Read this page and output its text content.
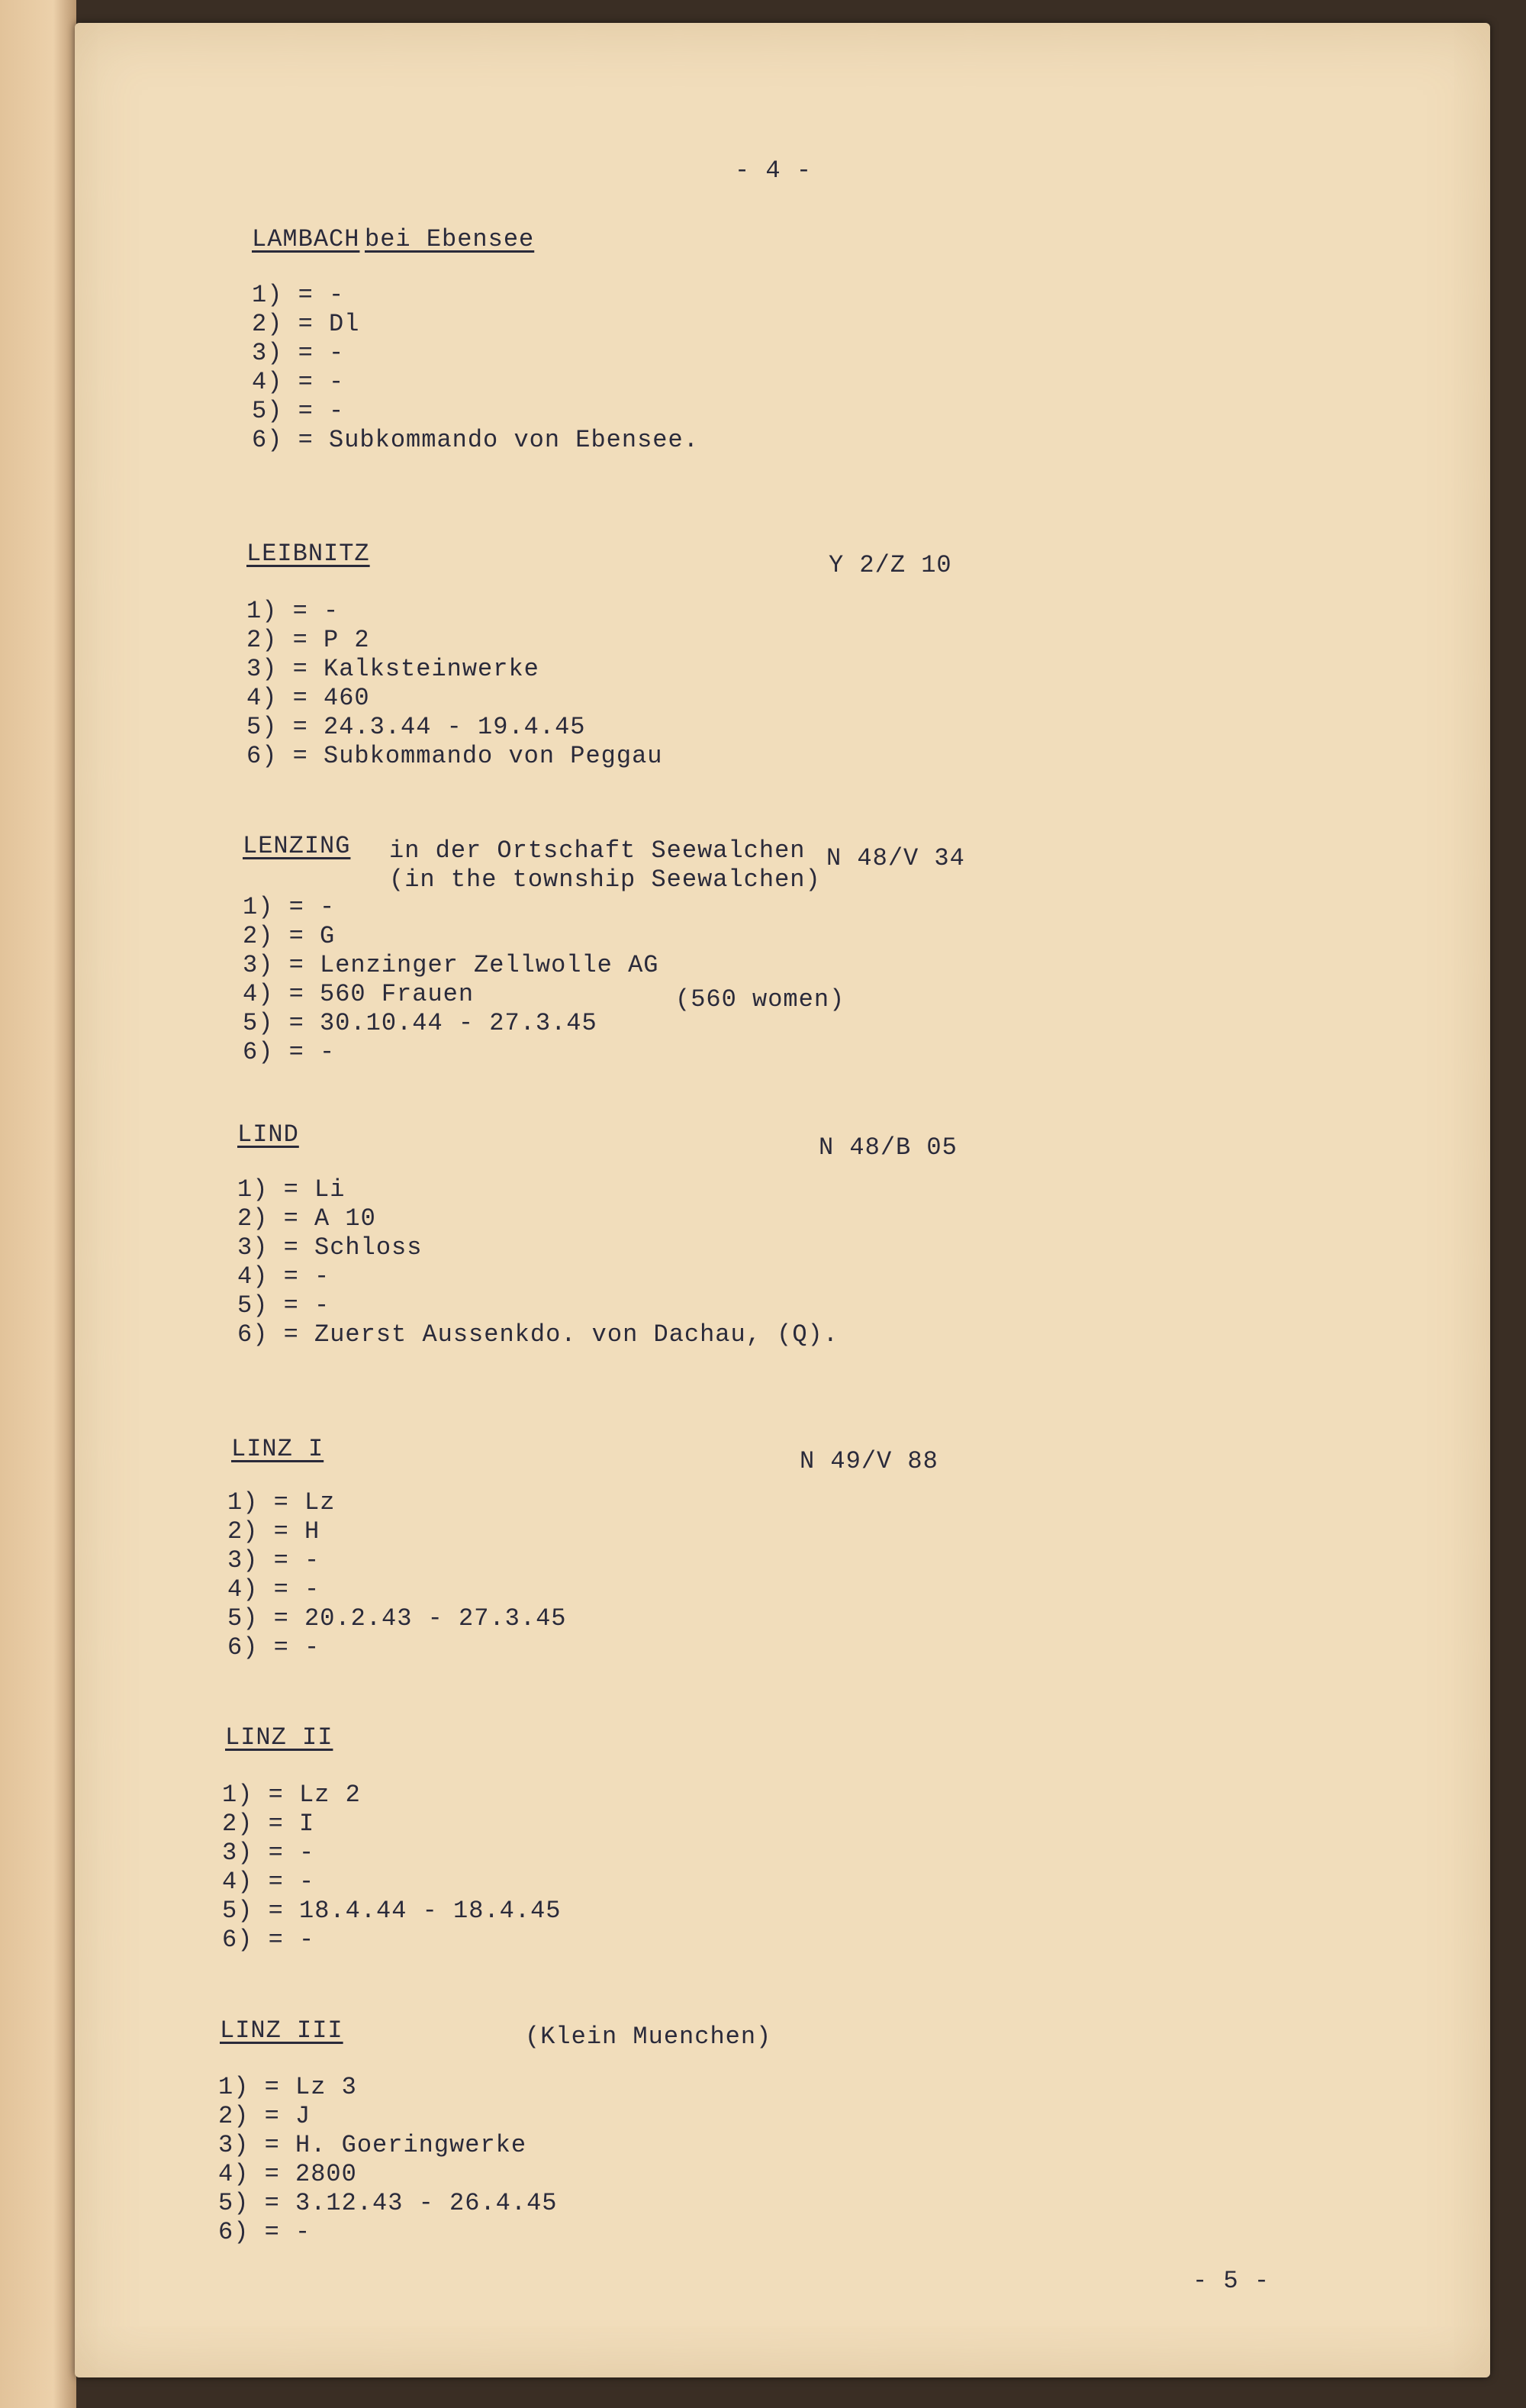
- 4 -
LAMBACH bei Ebensee
1) = -
2) = Dl
3) = -
4) = -
5) = -
6) = Subkommando von Ebensee.
LEIBNITZ	Y 2/Z 10
1) = -
2) = P 2
3) = Kalksteinwerke
4) = 460
5) = 24.3.44 - 19.4.45
6) = Subkommando von Peggau
LENZING in der Ortschaft Seewalchen
(in the township Seewalchen)
N 48/V 34
1) = -
2) = G
3) = Lenzinger Zellwolle AG
4) = 560 Frauen
5) = 30.10.44 - 27.3.45
6) = -
(560 women)
LIND	N 48/B 05
1) = Li
2) = A 10
3) = Schloss
4) = -
5) = -
6) = Zuerst Aussenkdo. von Dachau, (Q).
LINZ I	N 49/V 88
1) = Lz
2) = H
3) = -
4) = -
5) = 20.2.43 - 27.3.45
6) = -
LINZ II
1) = Lz 2
2) = I
3) = -
4) = -
5) = 18.4.44 - 18.4.45
6) = -
LINZ III	(Klein Muenchen)
1) = Lz 3
2) = J
3) = H. Goeringwerke
4) = 2800
5) = 3.12.43 - 26.4.45
6) = -
- 5 -
